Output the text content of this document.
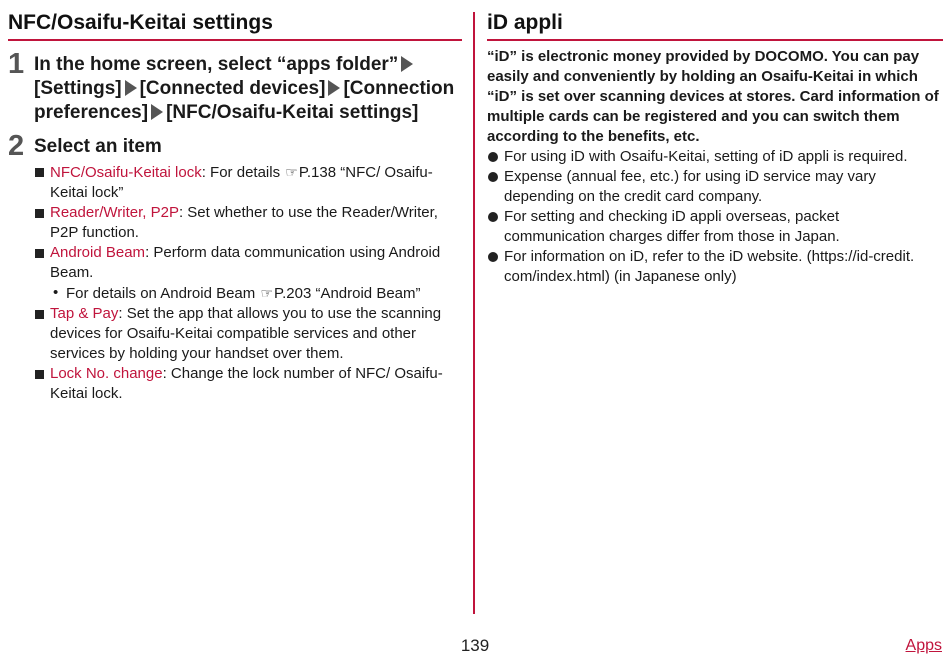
NFC/Osaifu-Keitai settings
1 In the home screen, select “apps folder”[Settings] [Connected devices] [Connection preferences] [NFC/Osaifu-Keitai settings]
2 Select an item
NFC/Osaifu-Keitai lock: For details ☞P.138 “NFC/ Osaifu-Keitai lock”
Reader/Writer, P2P: Set whether to use the Reader/Writer, P2P function.
Android Beam: Perform data communication using Android Beam.
• For details on Android Beam ☞P.203 “Android Beam”
Tap & Pay: Set the app that allows you to use the scanning devices for Osaifu-Keitai compatible services and other services by holding your handset over them.
Lock No. change: Change the lock number of NFC/ Osaifu-Keitai lock.
iD appli

“iD” is electronic money provided by DOCOMO. You can pay easily and conveniently by holding an Osaifu-Keitai in which “iD” is set over scanning devices at stores. Card information of multiple cards can be registered and you can switch them according to the benefits, etc.

For using iD with Osaifu-Keitai, setting of iD appli is required.
Expense (annual fee, etc.) for using iD service may vary depending on the credit card company.
For setting and checking iD appli overseas, packet communication charges differ from those in Japan.
For information on iD, refer to the iD website. (https://id-credit. com/index.html) (in Japanese only)
139	Apps
